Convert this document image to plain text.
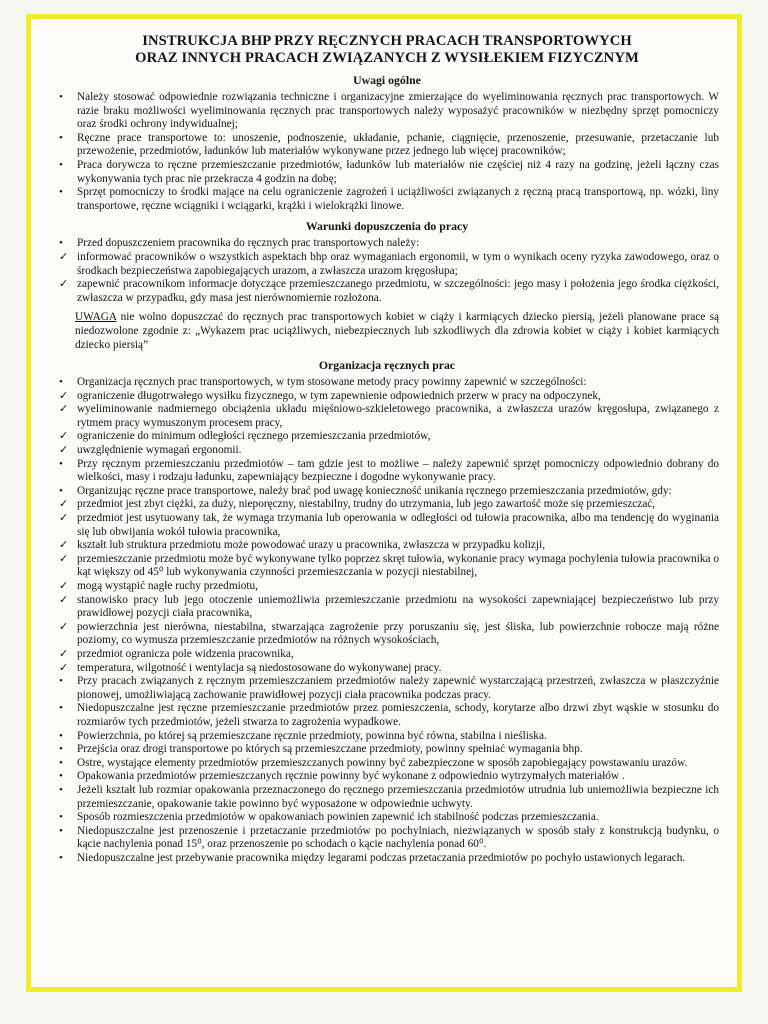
INSTRUKCJA BHP PRZY RĘCZNYCH PRACACH TRANSPORTOWYCH
ORAZ INNYCH PRACACH ZWIĄZANYCH Z WYSIŁEKIEM FIZYCZNYM
Uwagi ogólne
•	Należy stosować odpowiednie rozwiązania techniczne i organizacyjne zmierzające do wyeliminowania ręcznych prac transportowych. W razie braku możliwości wyeliminowania ręcznych prac transportowych należy wyposażyć pracowników w niezbędny sprzęt pomocniczy oraz środki ochrony indywidualnej;
•	Ręczne prace transportowe to: unoszenie, podnoszenie, układanie, pchanie, ciągnięcie, przenoszenie, przesuwanie, przetaczanie lub przewożenie, przedmiotów, ładunków lub materiałów wykonywane przez jednego lub więcej pracowników;
•	Praca dorywcza to ręczne przemieszczanie przedmiotów, ładunków lub materiałów nie częściej niż 4 razy na godzinę, jeżeli łączny czas wykonywania tych prac nie przekracza 4 godzin na dobę;
•	Sprzęt pomocniczy to środki mające na celu ograniczenie zagrożeń i uciążliwości związanych z ręczną pracą transportową, np. wózki, liny transportowe, ręczne wciągniki i wciągarki, krążki i wielokrążki linowe.
Warunki dopuszczenia do pracy
•	Przed dopuszczeniem pracownika do ręcznych prac transportowych należy:
✓ informować pracowników o wszystkich aspektach bhp oraz wymaganiach ergonomii, w tym o wynikach oceny ryzyka zawodowego, oraz o środkach bezpieczeństwa zapobiegających urazom, a zwłaszcza urazom kręgosłupa;
✓ zapewnić pracownikom informacje dotyczące przemieszczanego przedmiotu, w szczególności: jego masy i położenia jego środka ciężkości, zwłaszcza w przypadku, gdy masa jest nierównomiernie rozłożona.
UWAGA nie wolno dopuszczać do ręcznych prac transportowych kobiet w ciąży i karmiących dziecko piersią, jeżeli planowane prace są niedozwolone zgodnie z: „Wykazem prac uciążliwych, niebezpiecznych lub szkodliwych dla zdrowia kobiet w ciąży i kobiet karmiących dziecko piersią”
Organizacja ręcznych prac
•	Organizacja ręcznych prac transportowych, w tym stosowane metody pracy powinny zapewnić w szczególności:
✓ ograniczenie długotrwałego wysiłku fizycznego, w tym zapewnienie odpowiednich przerw w pracy na odpoczynek,
✓ wyeliminowanie nadmiernego obciążenia układu mięśniowo-szkieletowego pracownika, a zwłaszcza urazów kręgosłupa, związanego z rytmem pracy wymuszonym procesem pracy,
✓ ograniczenie do minimum odległości ręcznego przemieszczania przedmiotów,
✓ uwzględnienie wymagań ergonomii.
•	Przy ręcznym przemieszczaniu przedmiotów – tam gdzie jest to możliwe – należy zapewnić sprzęt pomocniczy odpowiednio dobrany do wielkości, masy i rodzaju ładunku, zapewniający bezpieczne i dogodne wykonywanie pracy.
•	Organizując ręczne prace transportowe, należy brać pod uwagę konieczność unikania ręcznego przemieszczania przedmiotów, gdy:
✓ przedmiot jest zbyt ciężki, za duży, nieporęczny, niestabilny, trudny do utrzymania, lub jego zawartość może się przemieszczać,
✓ przedmiot jest usytuowany tak, że wymaga trzymania lub operowania w odległości od tułowia pracownika, albo ma tendencję do wyginania się lub obwijania wokół tułowia pracownika,
✓ kształt lub struktura przedmiotu może powodować urazy u pracownika, zwłaszcza w przypadku kolizji,
✓ przemieszczanie przedmiotu może być wykonywane tylko poprzez skręt tułowia, wykonanie pracy wymaga pochylenia tułowia pracownika o kąt większy od 45⁰ lub wykonywania czynności przemieszczania w pozycji niestabilnej,
✓ mogą wystąpić nagłe ruchy przedmiotu,
✓ stanowisko pracy lub jego otoczenie uniemożliwia przemieszczanie przedmiotu na wysokości zapewniającej bezpieczeństwo lub przy prawidłowej pozycji ciała pracownika,
✓ powierzchnia jest nierówna, niestabilna, stwarzająca zagrożenie przy poruszaniu się, jest śliska, lub powierzchnie robocze mają różne poziomy, co wymusza przemieszczanie przedmiotów na różnych wysokościach,
✓ przedmiot ogranicza pole widzenia pracownika,
✓ temperatura, wilgotność i wentylacja są niedostosowane do wykonywanej pracy.
•	Przy pracach związanych z ręcznym przemieszczaniem przedmiotów należy zapewnić wystarczającą przestrzeń, zwłaszcza w płaszczyźnie pionowej, umożliwiającą zachowanie prawidłowej pozycji ciała pracownika podczas pracy.
•	Niedopuszczalne jest ręczne przemieszczanie przedmiotów przez pomieszczenia, schody, korytarze albo drzwi zbyt wąskie w stosunku do rozmiarów tych przedmiotów, jeżeli stwarza to zagrożenia wypadkowe.
•	Powierzchnia, po której są przemieszczane ręcznie przedmioty, powinna być równa, stabilna i nieśliska.
•	Przejścia oraz drogi transportowe po których są przemieszczane przedmioty, powinny spełniać wymagania bhp.
•	Ostre, wystające elementy przedmiotów przemieszczanych powinny być zabezpieczone w sposób zapobiegający powstawaniu urazów.
•	Opakowania przedmiotów przemieszczanych ręcznie powinny być wykonane z odpowiednio wytrzymałych materiałów .
•	Jeżeli kształt lub rozmiar opakowania przeznaczonego do ręcznego przemieszczania przedmiotów utrudnia lub uniemożliwia bezpieczne ich przemieszczanie, opakowanie takie powinno być wyposażone w odpowiednie uchwyty.
•	Sposób rozmieszczenia przedmiotów w opakowaniach powinien zapewnić ich stabilność podczas przemieszczania.
•	Niedopuszczalne jest przenoszenie i przetaczanie przedmiotów po pochylniach, niezwiązanych w sposób stały z konstrukcją budynku, o kącie nachylenia ponad 15⁰, oraz przenoszenie po schodach o kącie nachylenia ponad 60⁰.
•	Niedopuszczalne jest przebywanie pracownika między legarami podczas przetaczania przedmiotów po pochyło ustawionych legarach.
